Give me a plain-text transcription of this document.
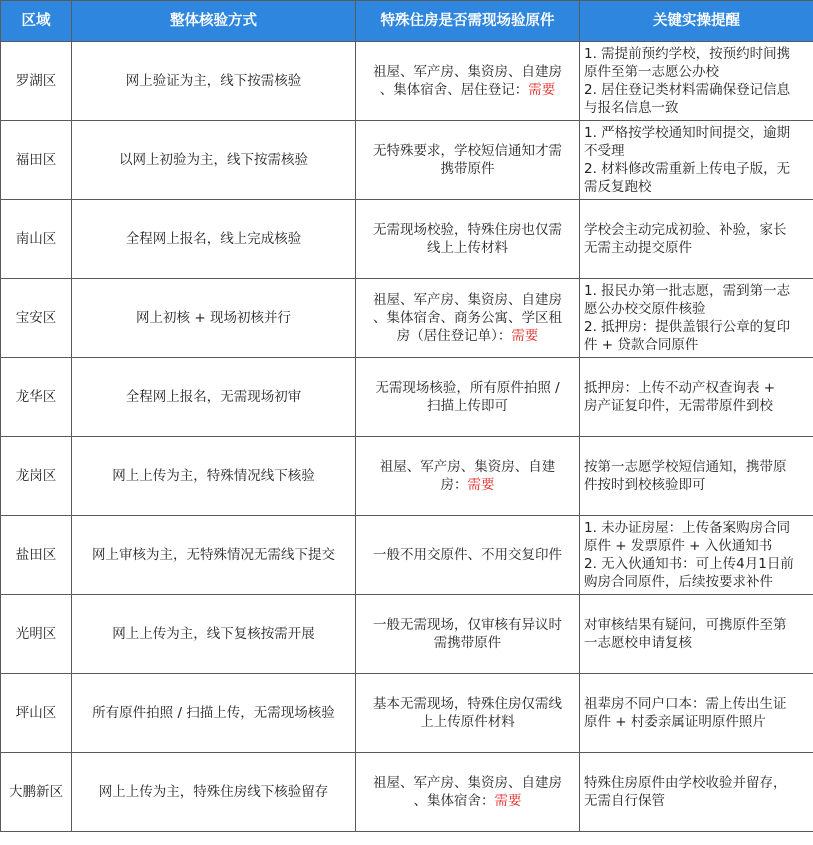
区域	整体核验方式	特殊住房是否需现场验原件	关键实操提醒
罗湖区	网上验证为主，线下按需核验	祖屋、军产房、集资房、自建房
、集体宿舍、居住登记：需要	1. 需提前预约学校，按预约时间携
原件至第一志愿公办校
2. 居住登记类材料需确保登记信息
与报名信息一致

福田区	以网上初验为主，线下按需核验	无特殊要求，学校短信通知才需
携带原件	1. 严格按学校通知时间提交，逾期
不受理
2. 材料修改需重新上传电子版，无
需反复跑校

南山区	全程网上报名，线上完成核验	无需现场校验，特殊住房也仅需
线上上传材料	学校会主动完成初验、补验，家长
无需主动提交原件

宝安区	网上初核 + 现场初核并行	祖屋、军产房、集资房、自建房
、集体宿舍、商务公寓、学区租
房（居住登记单）：需要	1. 报民办第一批志愿，需到第一志
愿公办校交原件核验
2. 抵押房：提供盖银行公章的复印
件 + 贷款合同原件

龙华区	全程网上报名，无需现场初审	无需现场核验，所有原件拍照 /
扫描上传即可	抵押房：上传不动产权查询表 +
房产证复印件，无需带原件到校

龙岗区	网上上传为主，特殊情况线下核验	祖屋、军产房、集资房、自建
房：需要	按第一志愿学校短信通知，携带原
件按时到校核验即可

盐田区	网上审核为主，无特殊情况无需线下提交	一般不用交原件、不用交复印件	1. 未办证房屋：上传备案购房合同
原件 + 发票原件 + 入伙通知书
2. 无入伙通知书：可上传4月1日前
购房合同原件，后续按要求补件

光明区	网上上传为主，线下复核按需开展	一般无需现场，仅审核有异议时
需携带原件	对审核结果有疑问，可携原件至第
一志愿校申请复核

坪山区	所有原件拍照 / 扫描上传，无需现场核验	基本无需现场，特殊住房仅需线
上上传原件材料	祖辈房不同户口本：需上传出生证
原件 + 村委亲属证明原件照片

大鹏新区	网上上传为主，特殊住房线下核验留存	祖屋、军产房、集资房、自建房
、集体宿舍：需要	特殊住房原件由学校收验并留存，
无需自行保管
